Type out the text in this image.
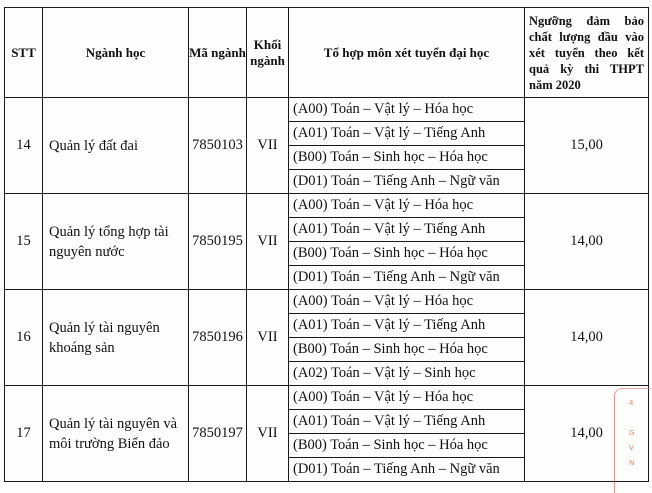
STT	Ngành học	Mã ngành	Khối ngành	Tổ hợp môn xét tuyển đại học	Ngưỡng đảm bảo chất lượng đầu vào xét tuyển theo kết quả kỳ thi THPT năm 2020
14	Quản lý đất đai	7850103	VII	(A00) Toán – Vật lý – Hóa học	15,00
				(A01) Toán – Vật lý – Tiếng Anh	
				(B00) Toán – Sinh học – Hóa học	
				(D01) Toán – Tiếng Anh – Ngữ văn	
15	Quản lý tổng hợp tài nguyên nước	7850195	VII	(A00) Toán – Vật lý – Hóa học	14,00
				(A01) Toán – Vật lý – Tiếng Anh	
				(B00) Toán – Sinh học – Hóa học	
				(D01) Toán – Tiếng Anh – Ngữ văn	
16	Quản lý tài nguyên khoáng sản	7850196	VII	(A00) Toán – Vật lý – Hóa học	14,00
				(A01) Toán – Vật lý – Tiếng Anh	
				(B00) Toán – Sinh học – Hóa học	
				(A02) Toán – Vật lý – Sinh học	
17	Quản lý tài nguyên và môi trường Biển đảo	7850197	VII	(A00) Toán – Vật lý – Hóa học	14,00
				(A01) Toán – Vật lý – Tiếng Anh	
				(B00) Toán – Sinh học – Hóa học	
				(D01) Toán – Tiếng Anh – Ngữ văn	
4
G
V
N
